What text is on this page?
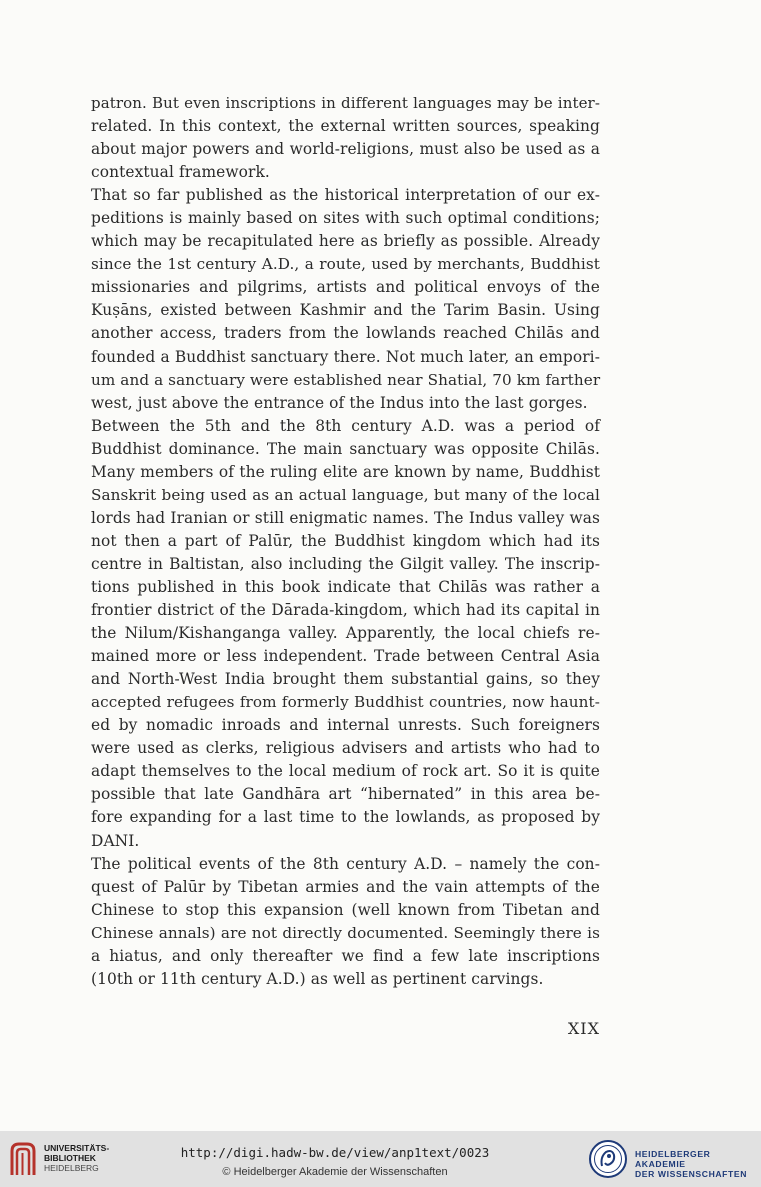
patron. But even inscriptions in different languages may be inter-
related. In this context, the external written sources, speaking
about major powers and world-religions, must also be used as a
contextual framework.
That so far published as the historical interpretation of our ex-
peditions is mainly based on sites with such optimal conditions;
which may be recapitulated here as briefly as possible. Already
since the 1st century A.D., a route, used by merchants, Buddhist
missionaries and pilgrims, artists and political envoys of the
Kuṣāns, existed between Kashmir and the Tarim Basin. Using
another access, traders from the lowlands reached Chilās and
founded a Buddhist sanctuary there. Not much later, an empori-
um and a sanctuary were established near Shatial, 70 km farther
west, just above the entrance of the Indus into the last gorges.
Between the 5th and the 8th century A.D. was a period of
Buddhist dominance. The main sanctuary was opposite Chilās.
Many members of the ruling elite are known by name, Buddhist
Sanskrit being used as an actual language, but many of the local
lords had Iranian or still enigmatic names. The Indus valley was
not then a part of Palūr, the Buddhist kingdom which had its
centre in Baltistan, also including the Gilgit valley. The inscrip-
tions published in this book indicate that Chilās was rather a
frontier district of the Dārada-kingdom, which had its capital in
the Nilum/Kishanganga valley. Apparently, the local chiefs re-
mained more or less independent. Trade between Central Asia
and North-West India brought them substantial gains, so they
accepted refugees from formerly Buddhist countries, now haunt-
ed by nomadic inroads and internal unrests. Such foreigners
were used as clerks, religious advisers and artists who had to
adapt themselves to the local medium of rock art. So it is quite
possible that late Gandhāra art “hibernated” in this area be-
fore expanding for a last time to the lowlands, as proposed by
DANI.
The political events of the 8th century A.D. – namely the con-
quest of Palūr by Tibetan armies and the vain attempts of the
Chinese to stop this expansion (well known from Tibetan and
Chinese annals) are not directly documented. Seemingly there is
a hiatus, and only thereafter we find a few late inscriptions
(10th or 11th century A.D.) as well as pertinent carvings.
XIX
UNIVERSITÄTS-
BIBLIOTHEK
HEIDELBERG
http://digi.hadw-bw.de/view/anp1text/0023
© Heidelberger Akademie der Wissenschaften
HEIDELBERGER AKADEMIE
DER WISSENSCHAFTEN
